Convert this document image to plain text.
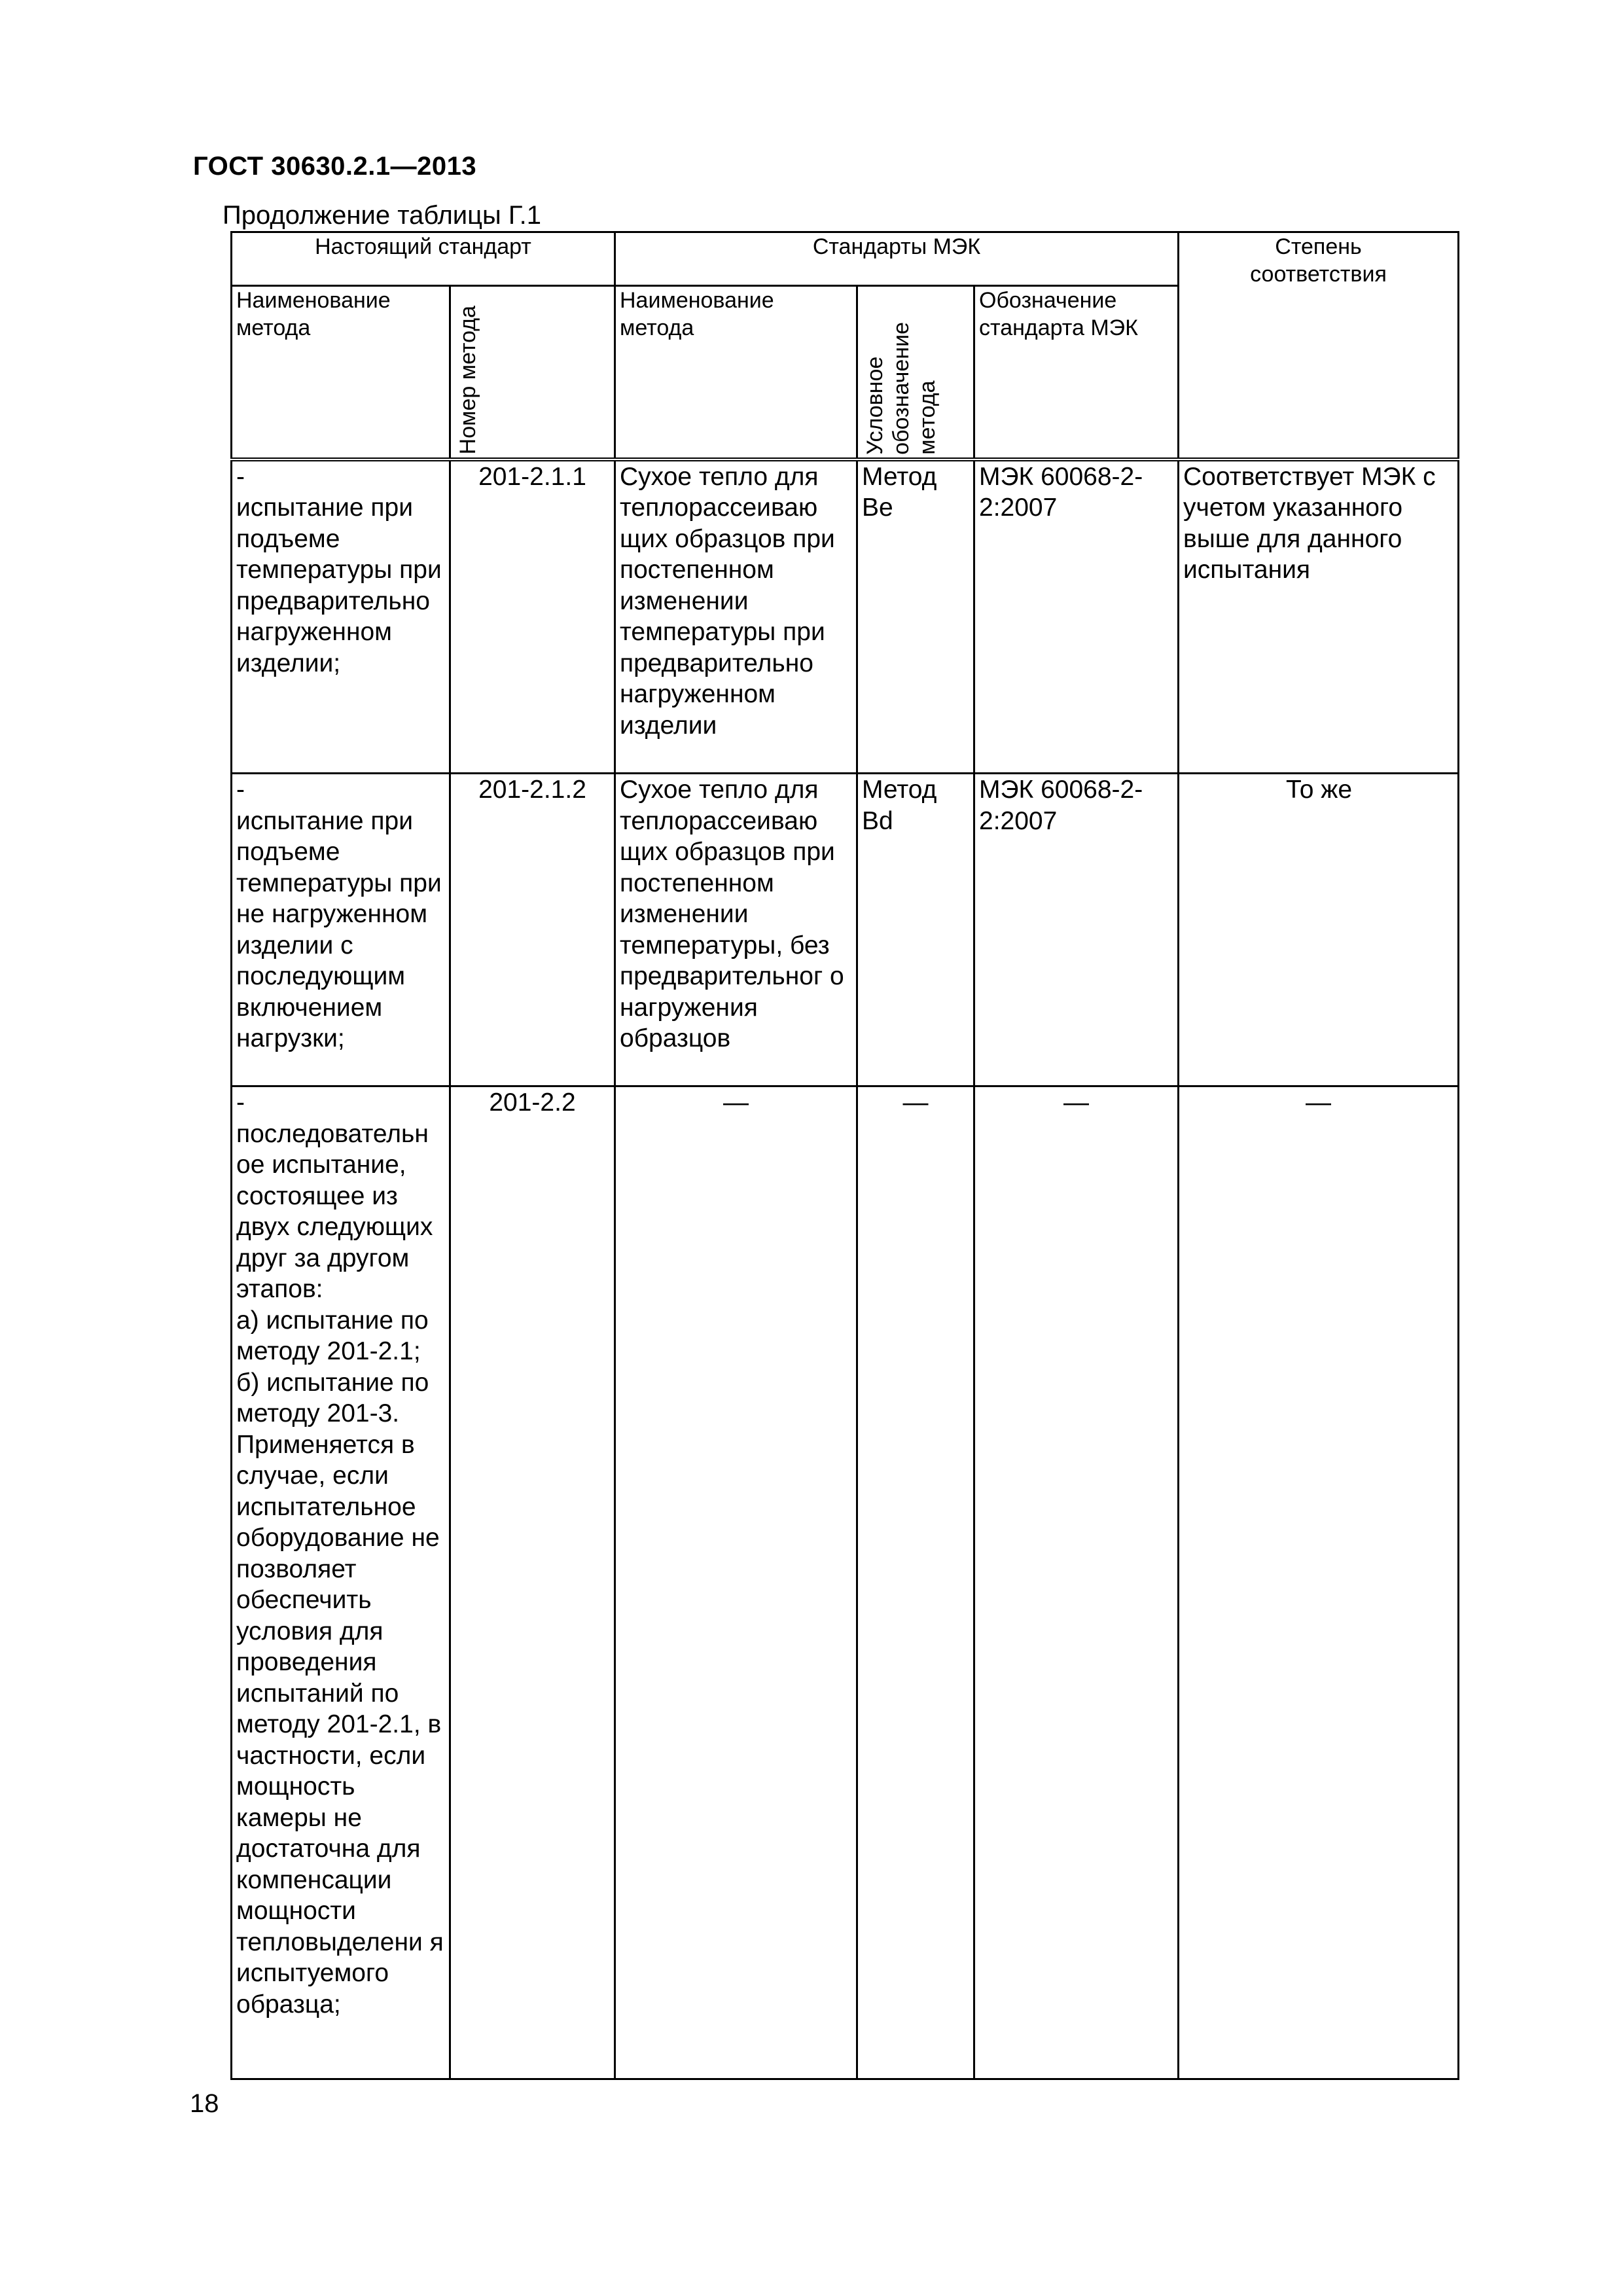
ГОСТ 30630.2.1—2013
Продолжение таблицы Г.1
Настоящий стандарт		Стандарты МЭК			Степень
соответствия
Наименование
метода	Номер метода	Наименование
метода	Условное
обозначение
метода	Обозначение
стандарта МЭК	
-
испытание при подъеме температуры при предварительно нагруженном изделии;	201-2.1.1	Сухое тепло для теплорассеиваю щих образцов при постепенном изменении температуры при предварительно нагруженном изделии	Метод Be	МЭК 60068-2-2:2007	Соответствует МЭК с учетом указанного выше для данного испытания
-
испытание при подъеме температуры при не нагруженном изделии с последующим включением нагрузки;	201-2.1.2	Сухое тепло для теплорассеиваю щих образцов при постепенном изменении температуры, без предварительног о нагружения образцов	Метод Bd	МЭК 60068-2-2:2007	То же
-
последовательн ое испытание, состоящее из двух следующих друг за другом этапов:
а) испытание по методу 201-2.1;
б) испытание по методу 201-3.
Применяется в случае, если испытательное оборудование не позволяет обеспечить условия для проведения испытаний по методу 201-2.1, в частности, если мощность камеры не достаточна для компенсации мощности тепловыделени я испытуемого образца;	201-2.2	—	—	—	—
18
